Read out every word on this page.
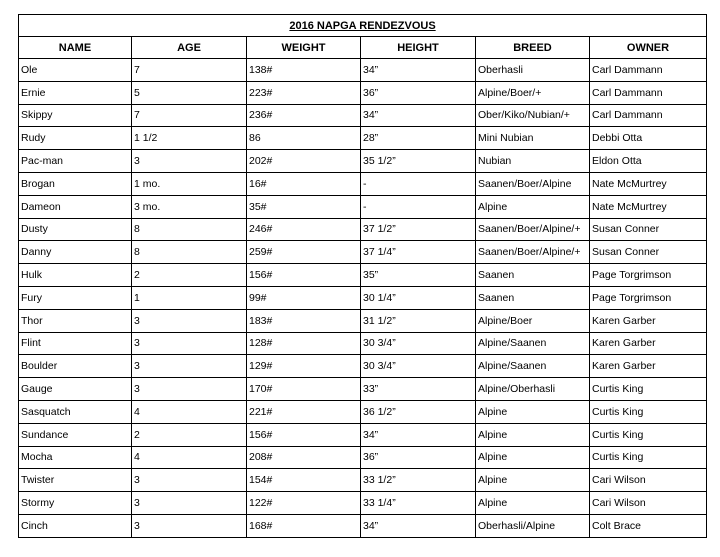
2016 NAPGA RENDEZVOUS					
NAME	AGE	WEIGHT	HEIGHT	BREED	OWNER
Ole	7	138#	34”	Oberhasli	Carl Dammann
Ernie	5	223#	36”	Alpine/Boer/+	Carl Dammann
Skippy	7	236#	34”	Ober/Kiko/Nubian/+	Carl Dammann
Rudy	1 1/2	86	28”	Mini Nubian	Debbi Otta
Pac-man	3	202#	35 1/2”	Nubian	Eldon Otta
Brogan	1 mo.	16#	-	Saanen/Boer/Alpine	Nate McMurtrey
Dameon	3 mo.	35#	-	Alpine	Nate McMurtrey
Dusty	8	246#	37 1/2”	Saanen/Boer/Alpine/+	Susan Conner
Danny	8	259#	37 1/4”	Saanen/Boer/Alpine/+	Susan Conner
Hulk	2	156#	35”	Saanen	Page Torgrimson
Fury	1	99#	30 1/4”	Saanen	Page Torgrimson
Thor	3	183#	31 1/2”	Alpine/Boer	Karen Garber
Flint	3	128#	30 3/4”	Alpine/Saanen	Karen Garber
Boulder	3	129#	30 3/4”	Alpine/Saanen	Karen Garber
Gauge	3	170#	33”	Alpine/Oberhasli	Curtis King
Sasquatch	4	221#	36 1/2”	Alpine	Curtis King
Sundance	2	156#	34”	Alpine	Curtis King
Mocha	4	208#	36”	Alpine	Curtis King
Twister	3	154#	33 1/2”	Alpine	Cari Wilson
Stormy	3	122#	33 1/4”	Alpine	Cari Wilson
Cinch	3	168#	34”	Oberhasli/Alpine	Colt Brace
